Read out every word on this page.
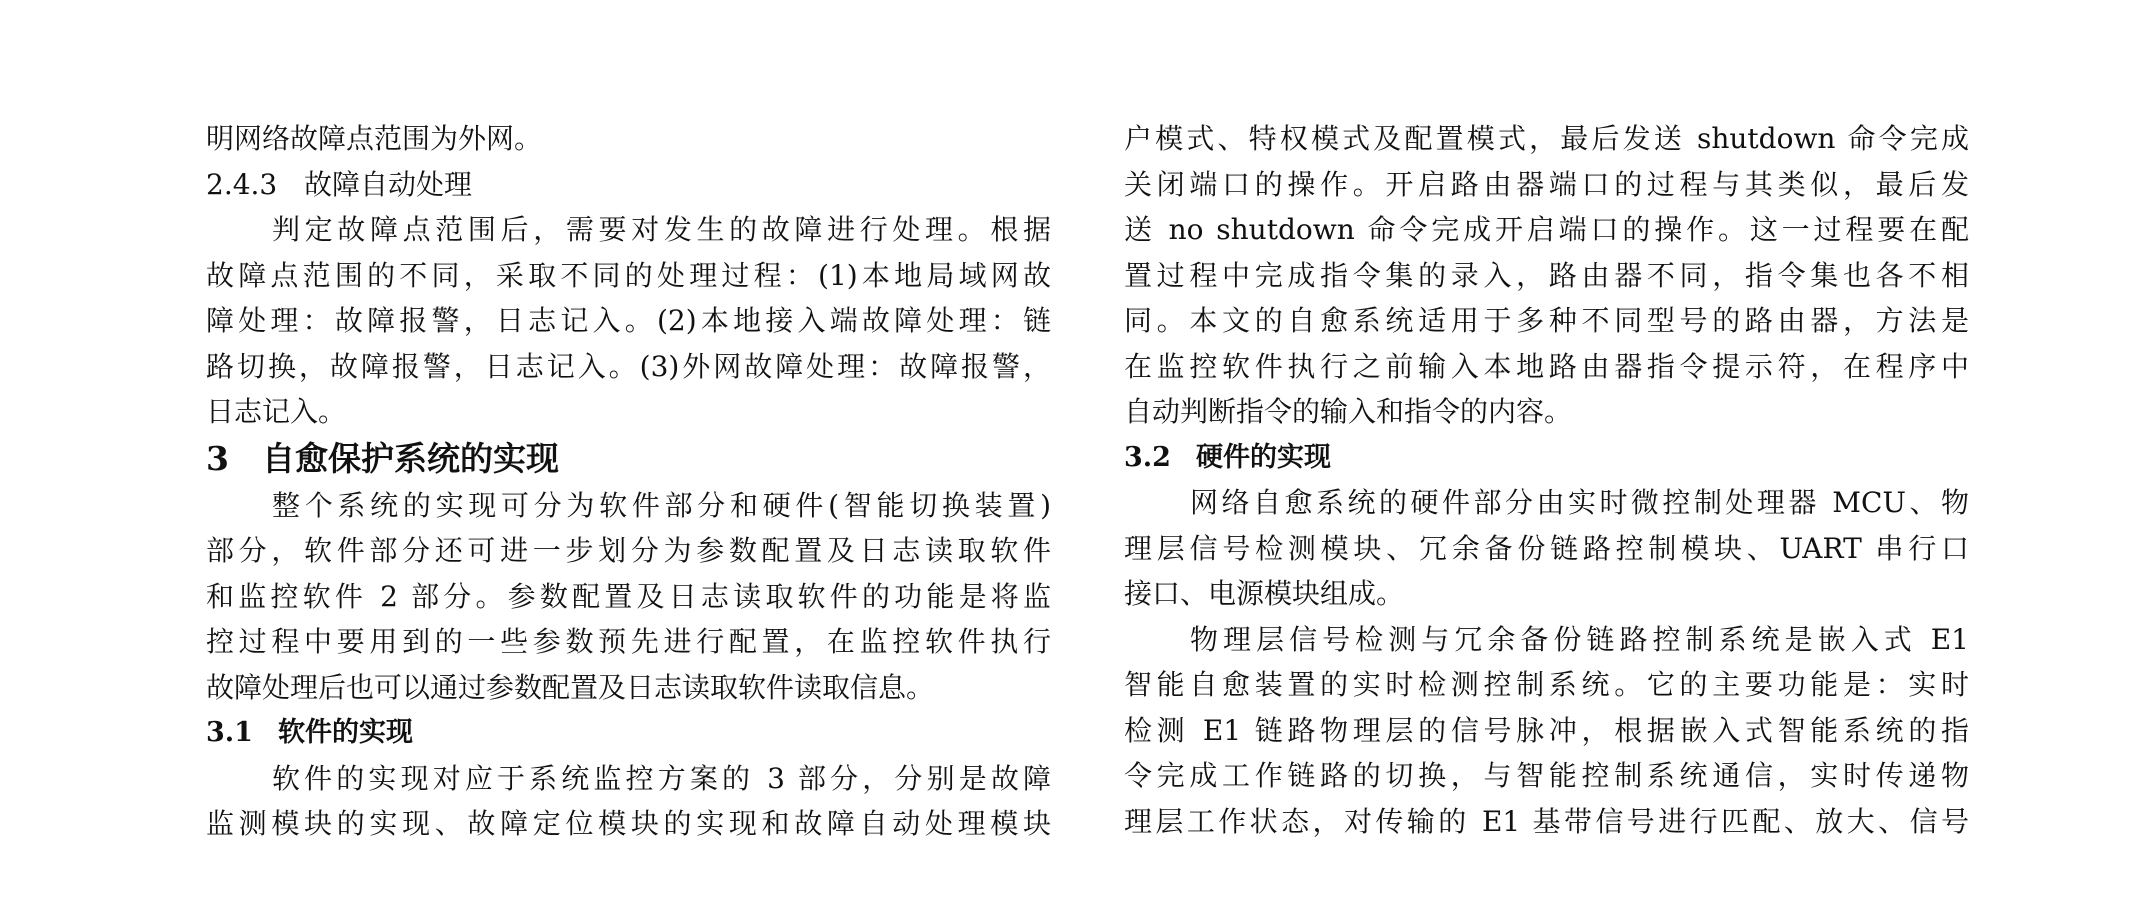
明网络故障点范围为外网。
2.4.3 故障自动处理
判定故障点范围后，需要对发生的故障进行处理。根据
故障点范围的不同，采取不同的处理过程：(1)本地局域网故
障处理：故障报警，日志记入。(2)本地接入端故障处理：链
路切换，故障报警，日志记入。(3)外网故障处理：故障报警，
日志记入。
3 自愈保护系统的实现
整个系统的实现可分为软件部分和硬件(智能切换装置)
部分，软件部分还可进一步划分为参数配置及日志读取软件
和监控软件 2 部分。参数配置及日志读取软件的功能是将监
控过程中要用到的一些参数预先进行配置，在监控软件执行
故障处理后也可以通过参数配置及日志读取软件读取信息。
3.1 软件的实现
软件的实现对应于系统监控方案的 3 部分，分别是故障
监测模块的实现、故障定位模块的实现和故障自动处理模块
户模式、特权模式及配置模式，最后发送 shutdown 命令完成
关闭端口的操作。开启路由器端口的过程与其类似，最后发
送 no shutdown 命令完成开启端口的操作。这一过程要在配
置过程中完成指令集的录入，路由器不同，指令集也各不相
同。本文的自愈系统适用于多种不同型号的路由器，方法是
在监控软件执行之前输入本地路由器指令提示符，在程序中
自动判断指令的输入和指令的内容。
3.2 硬件的实现
网络自愈系统的硬件部分由实时微控制处理器 MCU、物
理层信号检测模块、冗余备份链路控制模块、UART 串行口
接口、电源模块组成。
物理层信号检测与冗余备份链路控制系统是嵌入式 E1
智能自愈装置的实时检测控制系统。它的主要功能是：实时
检测 E1 链路物理层的信号脉冲，根据嵌入式智能系统的指
令完成工作链路的切换，与智能控制系统通信，实时传递物
理层工作状态，对传输的 E1 基带信号进行匹配、放大、信号
